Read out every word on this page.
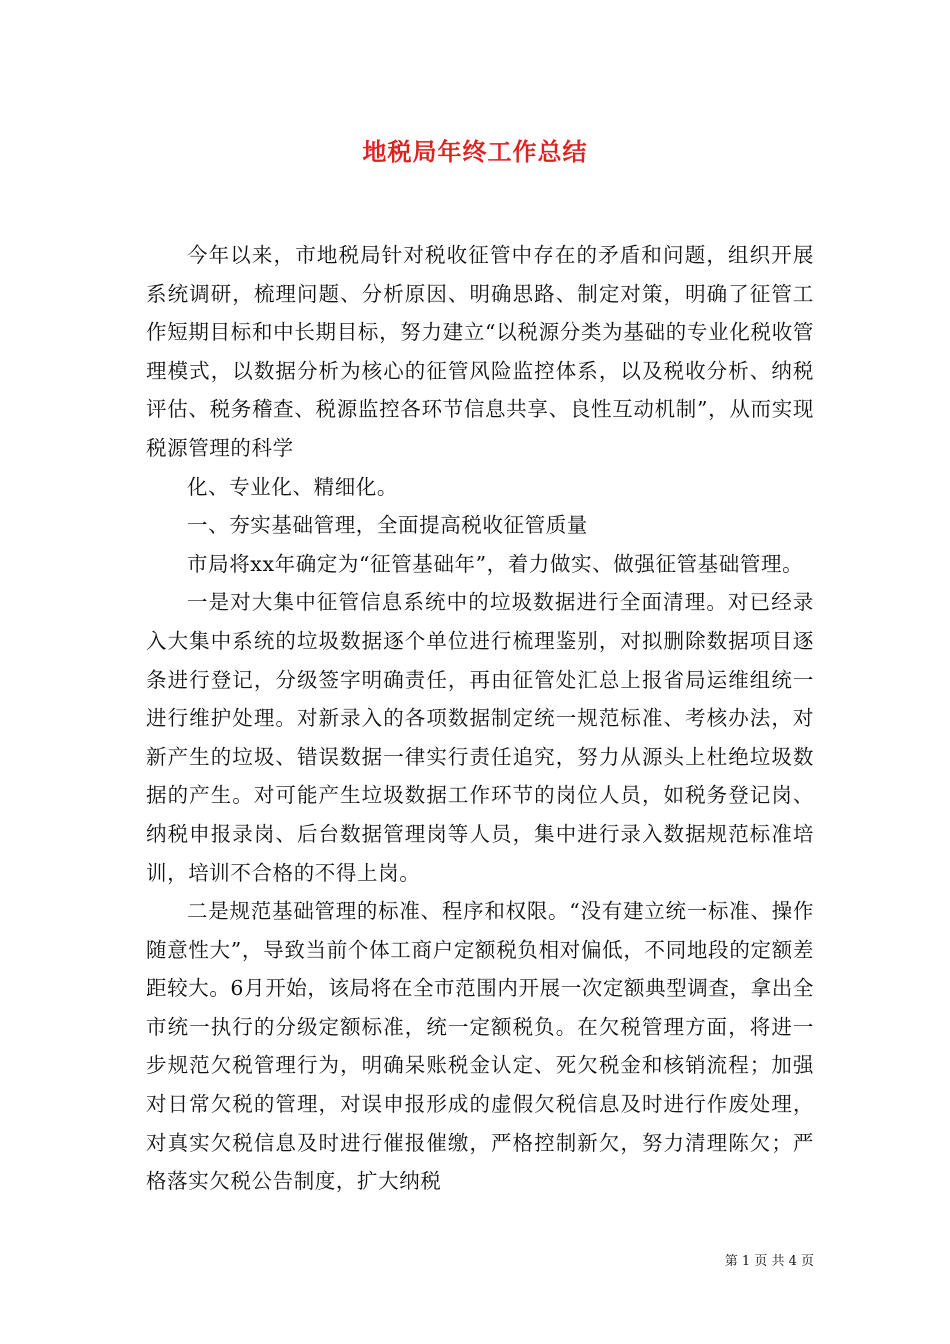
地税局年终工作总结

今年以来，市地税局针对税收征管中存在的矛盾和问题，组织开展系统调研，梳理问题、分析原因、明确思路、制定对策，明确了征管工作短期目标和中长期目标，努力建立“以税源分类为基础的专业化税收管理模式，以数据分析为核心的征管风险监控体系，以及税收分析、纳税评估、税务稽查、税源监控各环节信息共享、良性互动机制”，从而实现税源管理的科学

化、专业化、精细化。

一、夯实基础管理，全面提高税收征管质量

市局将xx年确定为“征管基础年”，着力做实、做强征管基础管理。

一是对大集中征管信息系统中的垃圾数据进行全面清理。对已经录入大集中系统的垃圾数据逐个单位进行梳理鉴别，对拟删除数据项目逐条进行登记，分级签字明确责任，再由征管处汇总上报省局运维组统一进行维护处理。对新录入的各项数据制定统一规范标准、考核办法，对新产生的垃圾、错误数据一律实行责任追究，努力从源头上杜绝垃圾数据的产生。对可能产生垃圾数据工作环节的岗位人员，如税务登记岗、纳税申报录岗、后台数据管理岗等人员，集中进行录入数据规范标准培训，培训不合格的不得上岗。

二是规范基础管理的标准、程序和权限。“没有建立统一标准、操作随意性大”，导致当前个体工商户定额税负相对偏低，不同地段的定额差距较大。6月开始，该局将在全市范围内开展一次定额典型调查，拿出全市统一执行的分级定额标准，统一定额税负。在欠税管理方面，将进一步规范欠税管理行为，明确呆账税金认定、死欠税金和核销流程；加强对日常欠税的管理，对误申报形成的虚假欠税信息及时进行作废处理，对真实欠税信息及时进行催报催缴，严格控制新欠，努力清理陈欠；严格落实欠税公告制度，扩大纳税

第 1 页 共 4 页
